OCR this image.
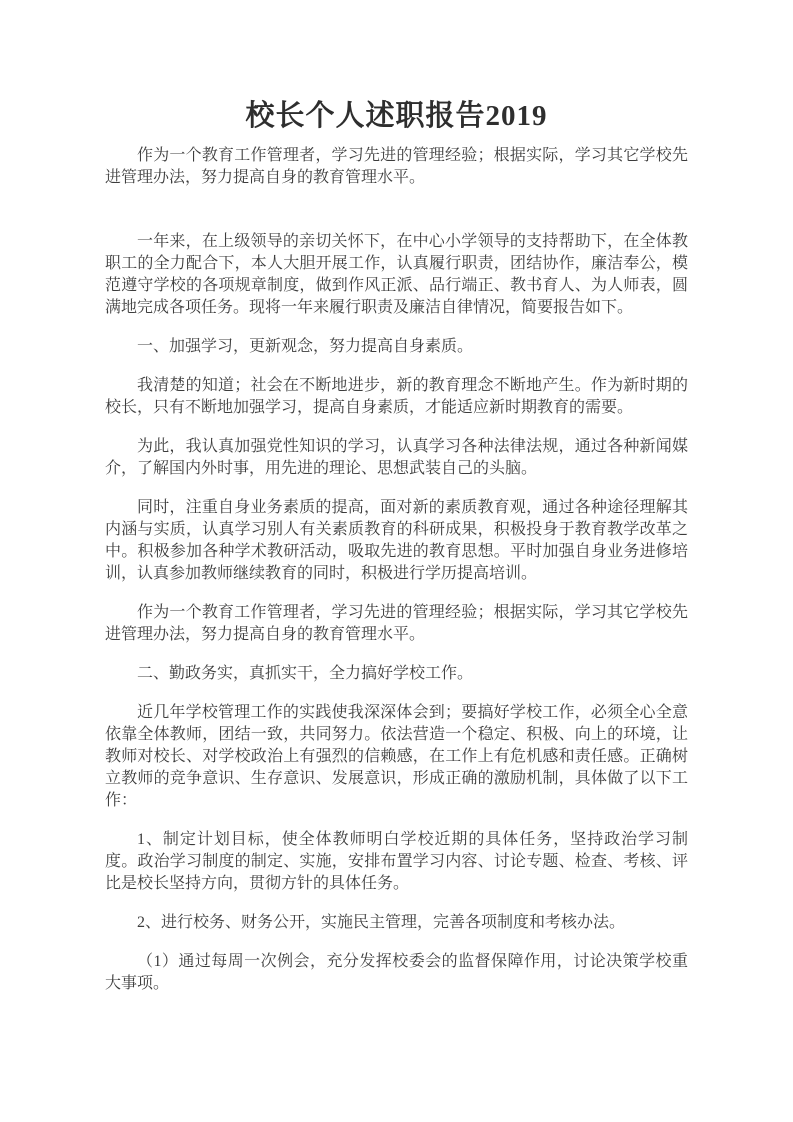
校长个人述职报告2019

作为一个教育工作管理者，学习先进的管理经验；根据实际，学习其它学校先进管理办法，努力提高自身的教育管理水平。

一年来，在上级领导的亲切关怀下，在中心小学领导的支持帮助下，在全体教职工的全力配合下，本人大胆开展工作，认真履行职责，团结协作，廉洁奉公，模范遵守学校的各项规章制度，做到作风正派、品行端正、教书育人、为人师表，圆满地完成各项任务。现将一年来履行职责及廉洁自律情况，简要报告如下。

一、加强学习，更新观念，努力提高自身素质。

我清楚的知道；社会在不断地进步，新的教育理念不断地产生。作为新时期的校长，只有不断地加强学习，提高自身素质，才能适应新时期教育的需要。

为此，我认真加强党性知识的学习，认真学习各种法律法规，通过各种新闻媒介，了解国内外时事，用先进的理论、思想武装自己的头脑。

同时，注重自身业务素质的提高，面对新的素质教育观，通过各种途径理解其内涵与实质，认真学习别人有关素质教育的科研成果，积极投身于教育教学改革之中。积极参加各种学术教研活动，吸取先进的教育思想。平时加强自身业务进修培训，认真参加教师继续教育的同时，积极进行学历提高培训。

作为一个教育工作管理者，学习先进的管理经验；根据实际，学习其它学校先进管理办法，努力提高自身的教育管理水平。

二、勤政务实，真抓实干，全力搞好学校工作。

近几年学校管理工作的实践使我深深体会到；要搞好学校工作，必须全心全意依靠全体教师，团结一致，共同努力。依法营造一个稳定、积极、向上的环境，让教师对校长、对学校政治上有强烈的信赖感，在工作上有危机感和责任感。正确树立教师的竞争意识、生存意识、发展意识，形成正确的激励机制，具体做了以下工作：

1、制定计划目标，使全体教师明白学校近期的具体任务，坚持政治学习制度。政治学习制度的制定、实施，安排布置学习内容、讨论专题、检查、考核、评比是校长坚持方向，贯彻方针的具体任务。

2、进行校务、财务公开，实施民主管理，完善各项制度和考核办法。

（1）通过每周一次例会，充分发挥校委会的监督保障作用，讨论决策学校重大事项。
